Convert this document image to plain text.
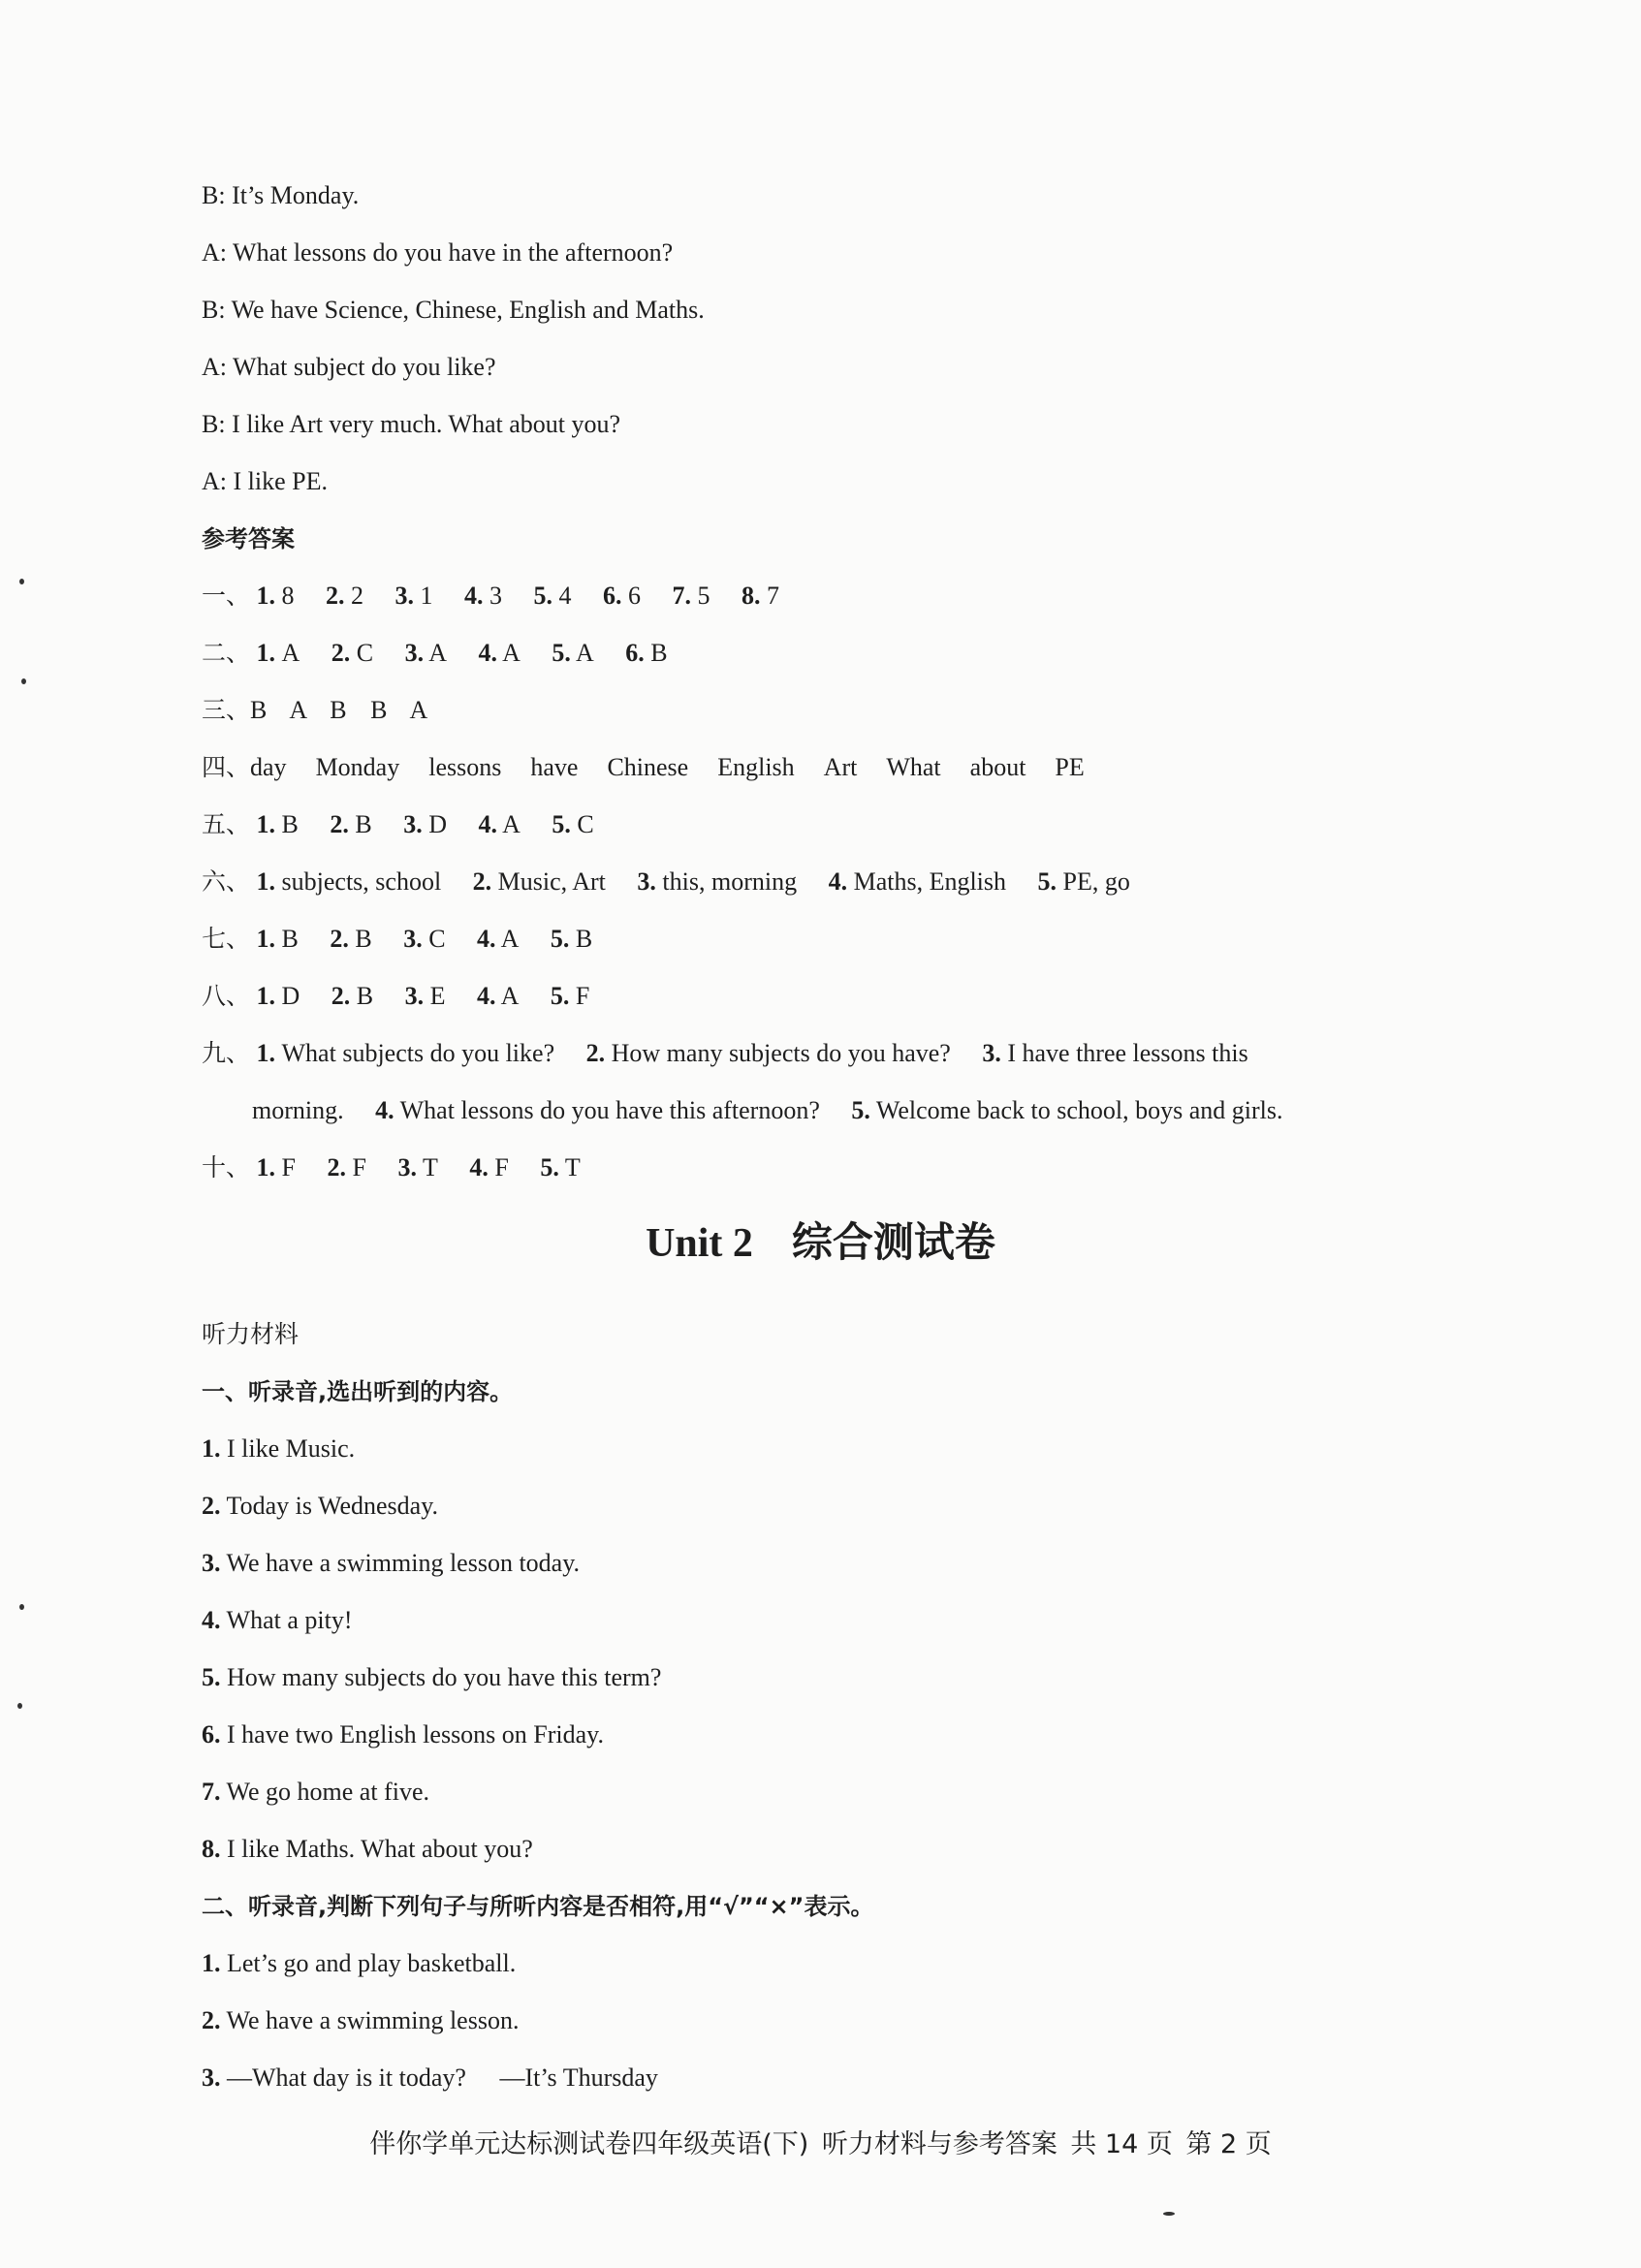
B: It’s Monday.
A: What lessons do you have in the afternoon?
B: We have Science, Chinese, English and Maths.
A: What subject do you like?
B: I like Art very much. What about you?
A: I like PE.
参考答案
一、 1. 8 2. 2 3. 1 4. 3 5. 4 6. 6 7. 5 8. 7
二、 1. A 2. C 3. A 4. A 5. A 6. B
三、B A B B A
四、day Monday lessons have Chinese English Art What about PE
五、 1. B 2. B 3. D 4. A 5. C
六、 1. subjects, school 2. Music, Art 3. this, morning 4. Maths, English 5. PE, go
七、 1. B 2. B 3. C 4. A 5. B
八、 1. D 2. B 3. E 4. A 5. F
九、 1. What subjects do you like? 2. How many subjects do you have? 3. I have three lessons this
morning. 4. What lessons do you have this afternoon? 5. Welcome back to school, boys and girls.
十、 1. F 2. F 3. T 4. F 5. T
Unit 2 综合测试卷
听力材料
一、听录音,选出听到的内容。
1. I like Music.
2. Today is Wednesday.
3. We have a swimming lesson today.
4. What a pity!
5. How many subjects do you have this term?
6. I have two English lessons on Friday.
7. We go home at five.
8. I like Maths. What about you?
二、听录音,判断下列句子与所听内容是否相符,用“√”“×”表示。
1. Let’s go and play basketball.
2. We have a swimming lesson.
伴你学单元达标测试卷四年级英语(下) 听力材料与参考答案 共 14 页 第 2 页
3. —What day is it today? —It’s Thursday
